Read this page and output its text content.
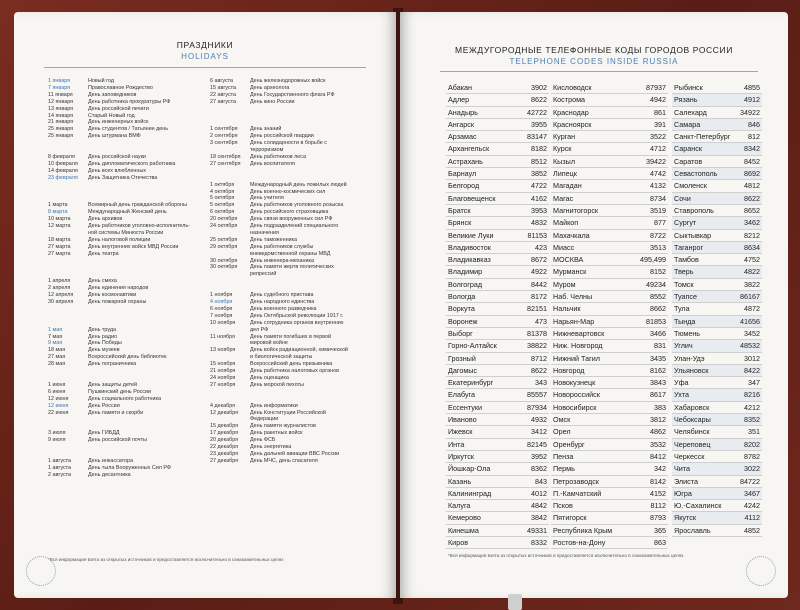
ПРАЗДНИКИ
HOLIDAYS
1 января	Новый год
7 января	Православное Рождество
11 января	День заповедников
12 января	День работника прокуратуры РФ
13 января	День российской печати
14 января	Старый Новый год
21 января	День инженерных войск
25 января	День студентов / Татьянин день
25 января	День штурмана ВМФ

8 февраля День российской науки
10 февраля День дипломатического работника
14 февраля День всех влюбленных
23 февраля День Защитника Отечества

1 марта	Всемирный день гражданской обороны
8 марта	Международный Женский день
10 марта	День архивов
12 марта	День работников уголовно-исполнитель-
ной системы Минюста России
18 марта	День налоговой полиции
27 марта	День внутренних войск МВД России
27 марта	День театра

1 апреля	День смеха
2 апреля	День единения народов
12 апреля	День космонавтики
30 апреля	День пожарной охраны

1 мая	День труда
7 мая	День радио
9 мая	День Победы
18 мая	День музеев
27 мая	Всероссийский день библиотек
28 мая	День пограничника

1 июня	День защиты детей
6 июня	Пушкинский день России
12 июня	День социального работника
12 июня	День России
22 июня	День памяти и скорби

3 июля	День ГИБДД
9 июля	День российской почты

1 августа	День инкассатора
1 августа	День тыла Вооруженных Сил РФ
2 августа	День десантника
6 августа	День железнодорожных войск
15 августа	День археолога
22 августа	День Государственного флага РФ
27 августа	День кино России

1 сентября День знаний
2 сентября День российской гвардии
3 сентября День солидарности в борьбе с
терроризмом
18 сентября День работников леса
27 сентября День воспитателя

1 октября	Международный день пожилых людей
4 октября	День военно-космических сил
5 октября	День учителя
5 октября	День работников уголовного розыска
6 октября	День российского страховщика
20 октября День связи вооруженных сил РФ
24 октября День подразделений специального
назначения
25 октября День таможенника
29 октября День работников службы
вневедомственной охраны МВД
30 октября День инженера-механика
30 октября День памяти жертв политических
репрессий

1 ноября	День судебного пристава
4 ноября	День народного единства
6 ноября	День военного разведчика
7 ноября	День Октябрьской революции 1917 г.
10 ноября	День сотрудника органов внутренних
дел РФ
11 ноября	День памяти погибших в первой
мировой войне
13 ноября	День войск радиационной, химической
и биологической защиты
15 ноября	Всероссийский день призывника
21 ноября	День работника налоговых органов
24 ноября	День оценщика
27 ноября	День морской пехоты

4 декабря	День информатики
12 декабря День Конституции Российской
Федерации
15 декабря День памяти журналистов
17 декабря День ракетных войск
20 декабря День ФСБ
22 декабря День энергетика
23 декабря День дальней авиации ВВС России
27 декабря День МЧС, день спасателя
*Вся информация взята из открытых источников и предоставляется исключительно в ознакомительных целях
МЕЖДУГОРОДНЫЕ ТЕЛЕФОННЫЕ КОДЫ ГОРОДОВ РОССИИ
TELEPHONE CODES INSIDE RUSSIA
Абакан	3902
Адлер	8622
Анадырь	42722
Ангарск	3955
Арзамас	83147
Архангельск	8182
Астрахань	8512
Барнаул	3852
Белгород	4722
Благовещенск	4162
Братск	3953
Брянск	4832
Великие Луки	81153
Владивосток	423
Владикавказ	8672
Владимир	4922
Волгоград	8442
Вологда	8172
Воркута	82151
Воронеж	473
Выборг	81378
Горно-Алтайск	38822
Грозный	8712
Дагомыс	8622
Екатеринбург	343
Елабуга	85557
Ессентуки	87934
Иваново	4932
Ижевск	3412
Инта	82145
Иркутск	3952
Йошкар-Ола	8362
Казань	843
Калининград	4012
Калуга	4842
Кемерово	3842
Кинешма	49331
Киров	8332
Кисловодск	87937
Кострома	4942
Краснодар	861
Красноярск	391
Курган	3522
Курск	4712
Кызыл	39422
Липецк	4742
Магадан	4132
Магас	8734
Магнитогорск	3519
Майкоп	877
Махачкала	8722
Миасс	3513
МОСКВА	495,499
Мурманск	8152
Муром	49234
Наб. Челны	8552
Нальчик	8662
Нарьян-Мар	81853
Нижневартовск	3466
Ниж. Новгород	831
Нижний Тагил	3435
Новгород	8162
Новокузнецк	3843
Новороссийск	8617
Новосибирск	383
Омск	3812
Орел	4862
Оренбург	3532
Пенза	8412
Пермь	342
Петрозаводск	8142
П.-Камчатский	4152
Псков	8112
Пятигорск	8793
Республика Крым	365
Ростов-на-Дону	863
Рыбинск	4855
Рязань	4912
Салехард	34922
Самара	846
Санкт-Петербург	812
Саранск	8342
Саратов	8452
Севастополь	8692
Смоленск	4812
Сочи	8622
Ставрополь	8652
Сургут	3462
Сыктывкар	8212
Таганрог	8634
Тамбов	4752
Тверь	4822
Томск	3822
Туапсе	86167
Тула	4872
Тында	41656
Тюмень	3452
Углич	48532
Улан-Удэ	3012
Ульяновск	8422
Уфа	347
Ухта	8216
Хабаровск	4212
Чебоксары	8352
Челябинск	351
Череповец	8202
Черкесск	8782
Чита	3022
Элиста	84722
Югра	3467
Ю.-Сахалинск	4242
Якутск	4112
Ярославль	4852
*Вся информация взята из открытых источников и предоставляется исключительно в ознакомительных целях
